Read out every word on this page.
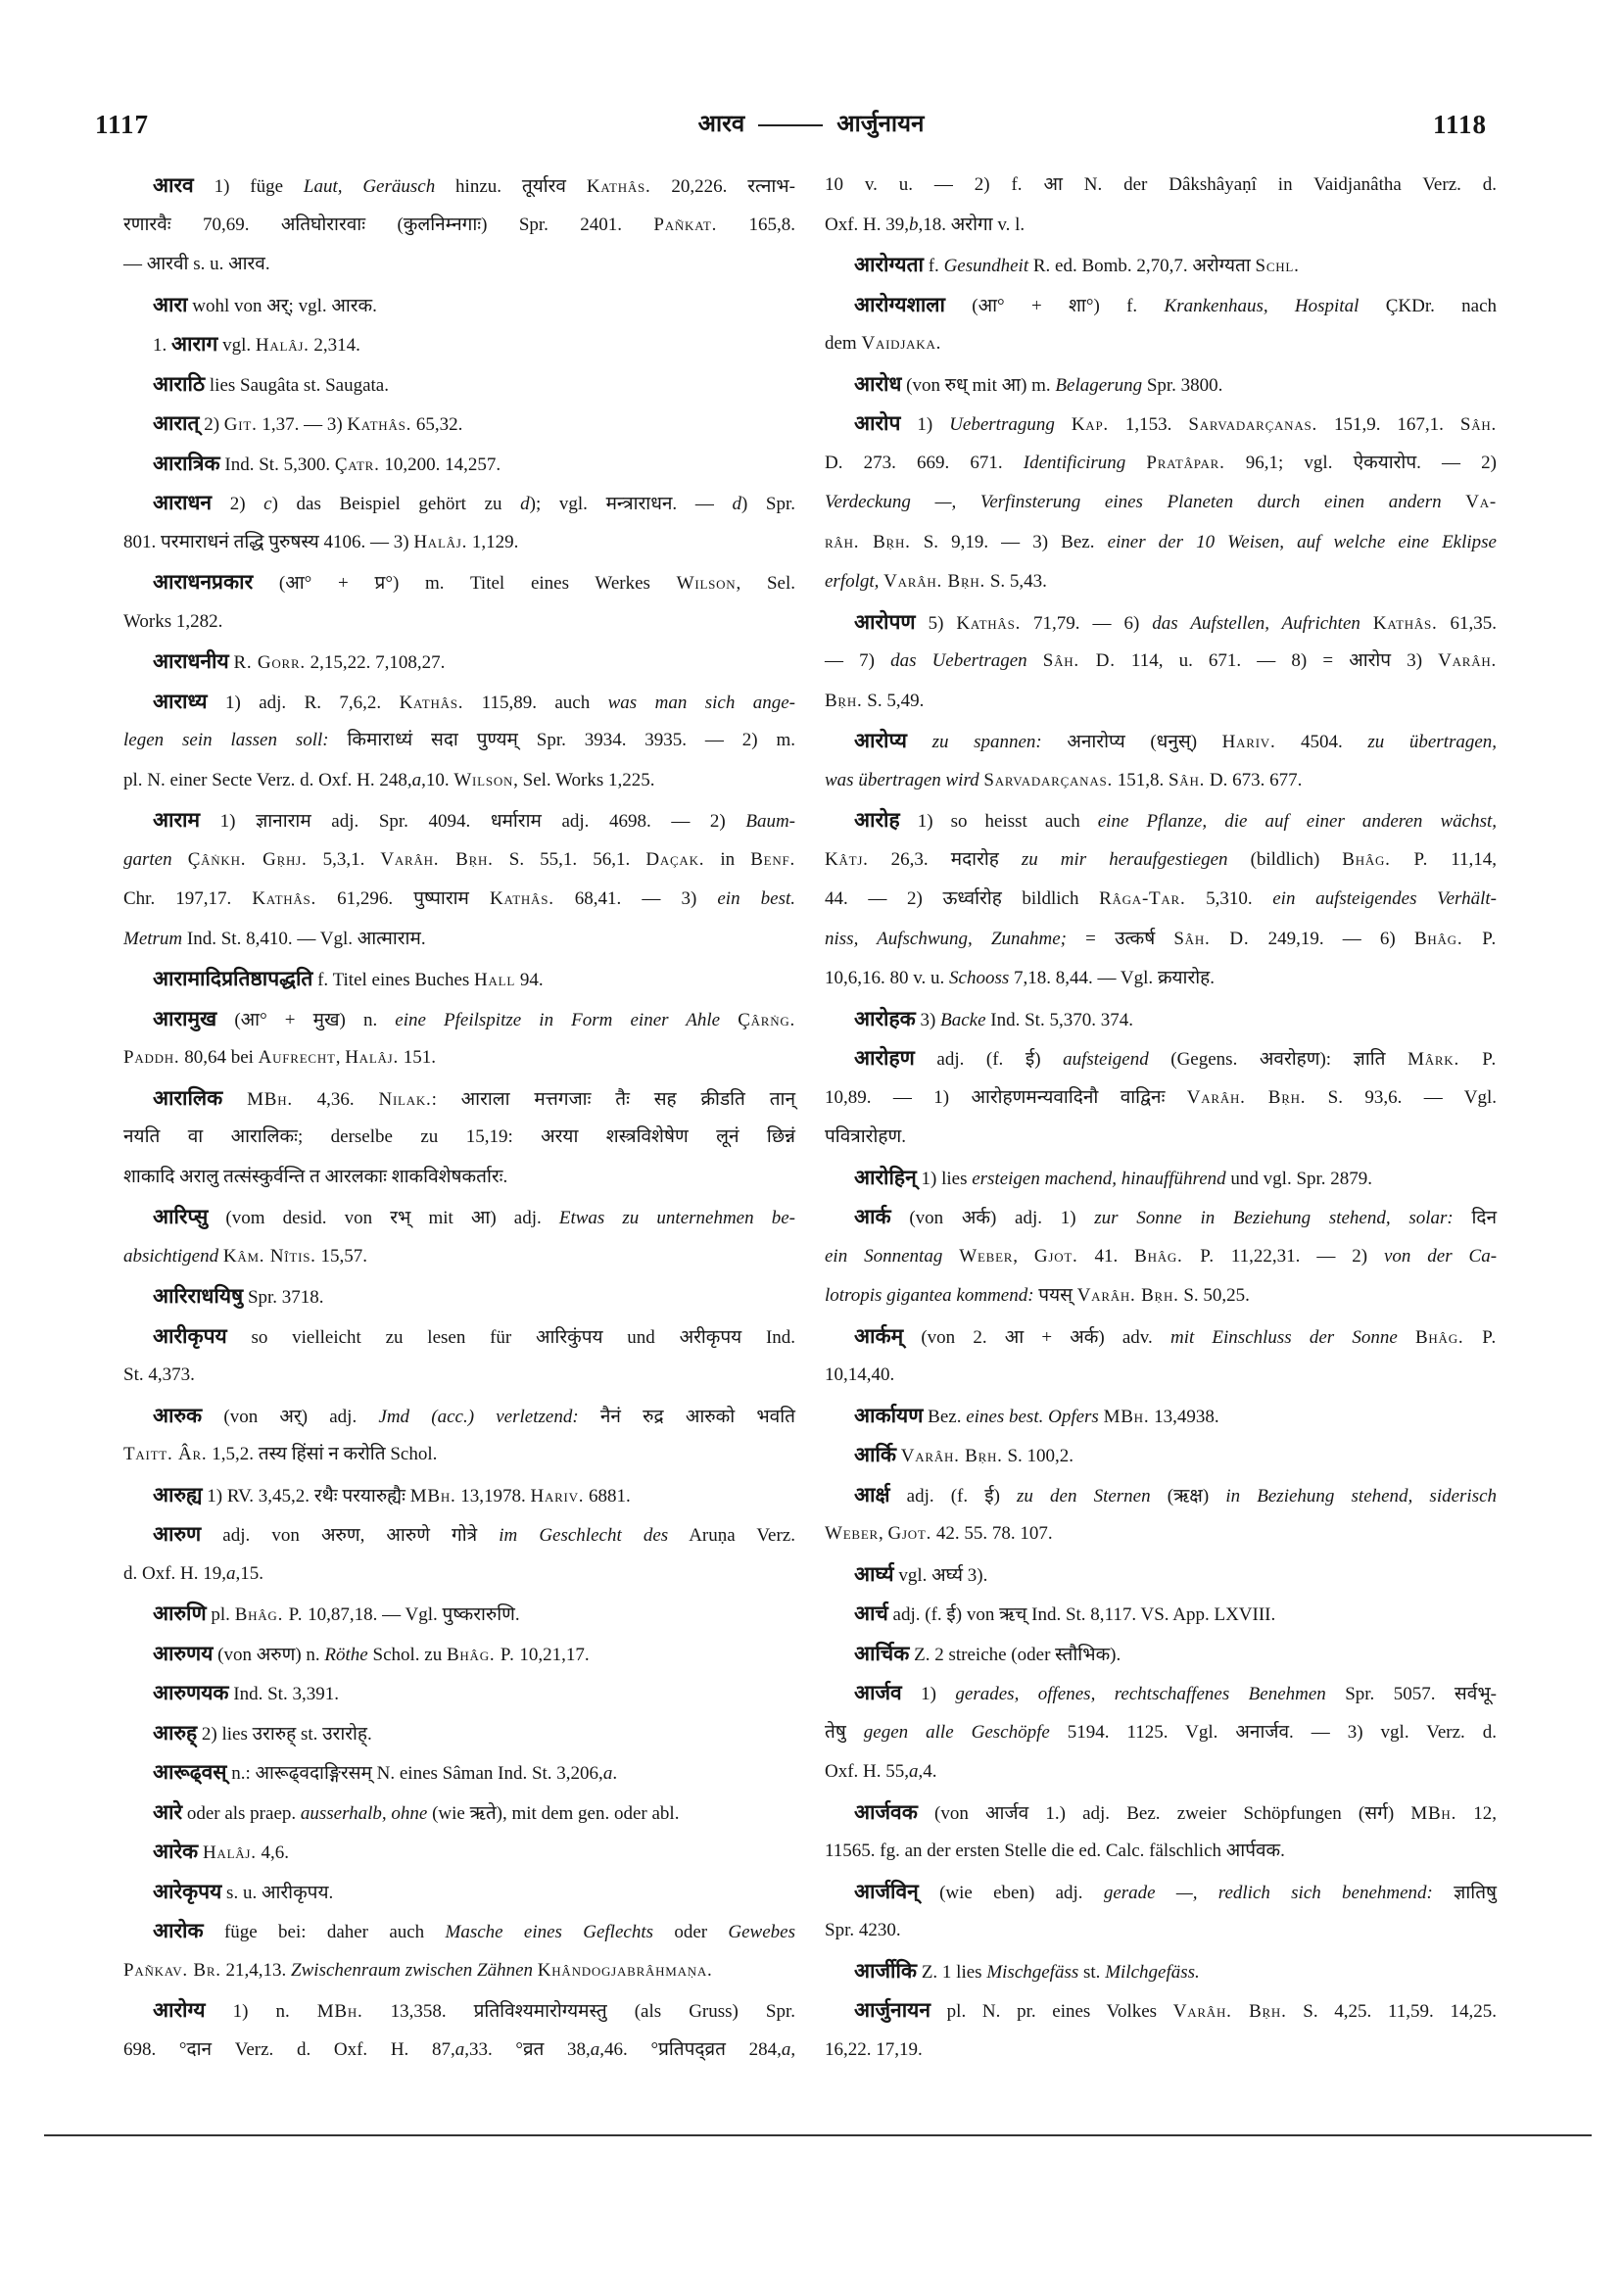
1117	आरव	आर्जुनायन	1118
आरव 1) füge Laut, Geräusch hinzu. तूर्यारव Kathâs. 20,226. रत्नाभ-
रणारवैः 70,69. अतिघोरारवाः (कुलनिम्नगाः) Spr. 2401. Pañkat. 165,8.
— आरवी s. u. आरव.
आरा wohl von अर्; vgl. आरक.
1. आराग vgl. Halâj. 2,314.
आराठि lies Saugâta st. Saugata.
आरात् 2) Git. 1,37. — 3) Kathâs. 65,32.
आरात्रिक Ind. St. 5,300. Çatr. 10,200. 14,257.
आराधन 2) c) das Beispiel gehört zu d); vgl. मन्त्राराधन. — d) Spr.
801. परमाराधनं तद्धि पुरुषस्य 4106. — 3) Halâj. 1,129.
आराधनप्रकार (आ° + प्र°) m. Titel eines Werkes Wilson, Sel.
Works 1,282.
आराधनीय R. Gorr. 2,15,22. 7,108,27.
आराध्य 1) adj. R. 7,6,2. Kathâs. 115,89. auch was man sich ange-
legen sein lassen soll: किमाराध्यं सदा पुण्यम् Spr. 3934. 3935. — 2) m.
pl. N. einer Secte Verz. d. Oxf. H. 248,a,10. Wilson, Sel. Works 1,225.
आराम 1) ज्ञानाराम adj. Spr. 4094. धर्माराम adj. 4698. — 2) Baum-
garten Çâṅkh. Gṛhj. 5,3,1. Varâh. Bṛh. S. 55,1. 56,1. Daçak. in Benf.
Chr. 197,17. Kathâs. 61,296. पुष्पाराम Kathâs. 68,41. — 3) ein best.
Metrum Ind. St. 8,410. — Vgl. आत्माराम.
आरामादिप्रतिष्ठापद्धति f. Titel eines Buches Hall 94.
आरामुख (आ° + मुख) n. eine Pfeilspitze in Form einer Ahle Çârṅg.
Paddh. 80,64 bei Aufrecht, Halâj. 151.
आरालिक MBh. 4,36. Nilak.: आराला मत्तगजाः तैः सह क्रीडति तान्
नयति वा आरालिकः; derselbe zu 15,19: अरया शस्त्रविशेषेण लूनं छिन्नं
शाकादि अरालु तत्संस्कुर्वन्ति त आरलकाः शाकविशेषकर्तारः.
आरिप्सु (vom desid. von रभ् mit आ) adj. Etwas zu unternehmen be-
absichtigend Kâm. Nîtis. 15,57.
आरिराधयिषु Spr. 3718.
आरीकृपय so vielleicht zu lesen für आरिकुंपय und अरीकृपय Ind.
St. 4,373.
आरुक (von अर्) adj. Jmd (acc.) verletzend: नैनं रुद्र आरुको भवति
Taitt. Âr. 1,5,2. तस्य हिंसां न करोति Schol.
आरुह्य 1) RV. 3,45,2. रथैः परयारुह्यैः MBh. 13,1978. Hariv. 6881.
आरुण adj. von अरुण, आरुणे गोत्रे im Geschlecht des Aruṇa Verz.
d. Oxf. H. 19,a,15.
आरुणि pl. Bhâg. P. 10,87,18. — Vgl. पुष्करारुणि.
आरुणय (von अरुण) n. Röthe Schol. zu Bhâg. P. 10,21,17.
आरुणयक Ind. St. 3,391.
आरुह् 2) lies उरारुह् st. उरारोह्.
आरूढ्वस् n.: आरूढ्वदाङ्गिरसम् N. eines Sâman Ind. St. 3,206,a.
आरे oder als praep. ausserhalb, ohne (wie ऋते), mit dem gen. oder abl.
आरेक Halâj. 4,6.
आरेकृपय s. u. आरीकृपय.
आरोक füge bei: daher auch Masche eines Geflechts oder Gewebes
Pañkav. Br. 21,4,13. Zwischenraum zwischen Zähnen Khândogjabrâhmaṇa.
आरोग्य 1) n. MBh. 13,358. प्रतिविश्यमारोग्यमस्तु (als Gruss) Spr.
698. °दान Verz. d. Oxf. H. 87,a,33. °व्रत 38,a,46. °प्रतिपद्व्रत 284,a,
10 v. u. — 2) f. आ N. der Dâkshâyaṇî in Vaidjanâtha Verz. d.
Oxf. H. 39,b,18. अरोगा v. l.
आरोग्यता f. Gesundheit R. ed. Bomb. 2,70,7. अरोग्यता Schl.
आरोग्यशाला (आ° + शा°) f. Krankenhaus, Hospital ÇKDr. nach
dem Vaidjaka.
आरोध (von रुध् mit आ) m. Belagerung Spr. 3800.
आरोप 1) Uebertragung Kap. 1,153. Sarvadarçanas. 151,9. 167,1. Sâh.
D. 273. 669. 671. Identificirung Pratâpar. 96,1; vgl. ऐकयारोप. — 2)
Verdeckung —, Verfinsterung eines Planeten durch einen andern Va-
râh. Bṛh. S. 9,19. — 3) Bez. einer der 10 Weisen, auf welche eine Eklipse
erfolgt, Varâh. Bṛh. S. 5,43.
आरोपण 5) Kathâs. 71,79. — 6) das Aufstellen, Aufrichten Kathâs. 61,35.
— 7) das Uebertragen Sâh. D. 114, u. 671. — 8) = आरोप 3) Varâh.
Bṛh. S. 5,49.
आरोप्य zu spannen: अनारोप्य (धनुस्) Hariv. 4504. zu übertragen,
was übertragen wird Sarvadarçanas. 151,8. Sâh. D. 673. 677.
आरोह 1) so heisst auch eine Pflanze, die auf einer anderen wächst,
Kâtj. 26,3. मदारोह zu mir heraufgestiegen (bildlich) Bhâg. P. 11,14,
44. — 2) ऊर्ध्वारोह bildlich Râga-Tar. 5,310. ein aufsteigendes Verhält-
niss, Aufschwung, Zunahme; = उत्कर्ष Sâh. D. 249,19. — 6) Bhâg. P.
10,6,16. 80 v. u. Schooss 7,18. 8,44. — Vgl. क्रयारोह.
आरोहक 3) Backe Ind. St. 5,370. 374.
आरोहण adj. (f. ई) aufsteigend (Gegens. अवरोहण): ज्ञाति Mârk. P.
10,89. — 1) आरोहणमन्यवादिनौ वाद्विनः Varâh. Bṛh. S. 93,6. — Vgl.
पवित्रारोहण.
आरोहिन् 1) lies ersteigen machend, hinaufführend und vgl. Spr. 2879.
आर्क (von अर्क) adj. 1) zur Sonne in Beziehung stehend, solar: दिन
ein Sonnentag Weber, Gjot. 41. Bhâg. P. 11,22,31. — 2) von der Ca-
lotropis gigantea kommend: पयस् Varâh. Bṛh. S. 50,25.
आर्कम् (von 2. आ + अर्क) adv. mit Einschluss der Sonne Bhâg. P.
10,14,40.
आर्कायण Bez. eines best. Opfers MBh. 13,4938.
आर्कि Varâh. Bṛh. S. 100,2.
आर्क्ष adj. (f. ई) zu den Sternen (ऋक्ष) in Beziehung stehend, siderisch
Weber, Gjot. 42. 55. 78. 107.
आर्घ्य vgl. अर्घ्य 3).
आर्च adj. (f. ई) von ऋच् Ind. St. 8,117. VS. App. LXVIII.
आर्चिक Z. 2 streiche (oder स्तौभिक).
आर्जव 1) gerades, offenes, rechtschaffenes Benehmen Spr. 5057. सर्वभू-
तेषु gegen alle Geschöpfe 5194. 1125. Vgl. अनार्जव. — 3) vgl. Verz. d.
Oxf. H. 55,a,4.
आर्जवक (von आर्जव 1.) adj. Bez. zweier Schöpfungen (सर्ग) MBh. 12,
11565. fg. an der ersten Stelle die ed. Calc. fälschlich आर्पवक.
आर्जविन् (wie eben) adj. gerade —, redlich sich benehmend: ज्ञातिषु
Spr. 4230.
आर्जीकि Z. 1 lies Mischgefäss st. Milchgefäss.
आर्जुनायन pl. N. pr. eines Volkes Varâh. Bṛh. S. 4,25. 11,59. 14,25.
16,22. 17,19.
